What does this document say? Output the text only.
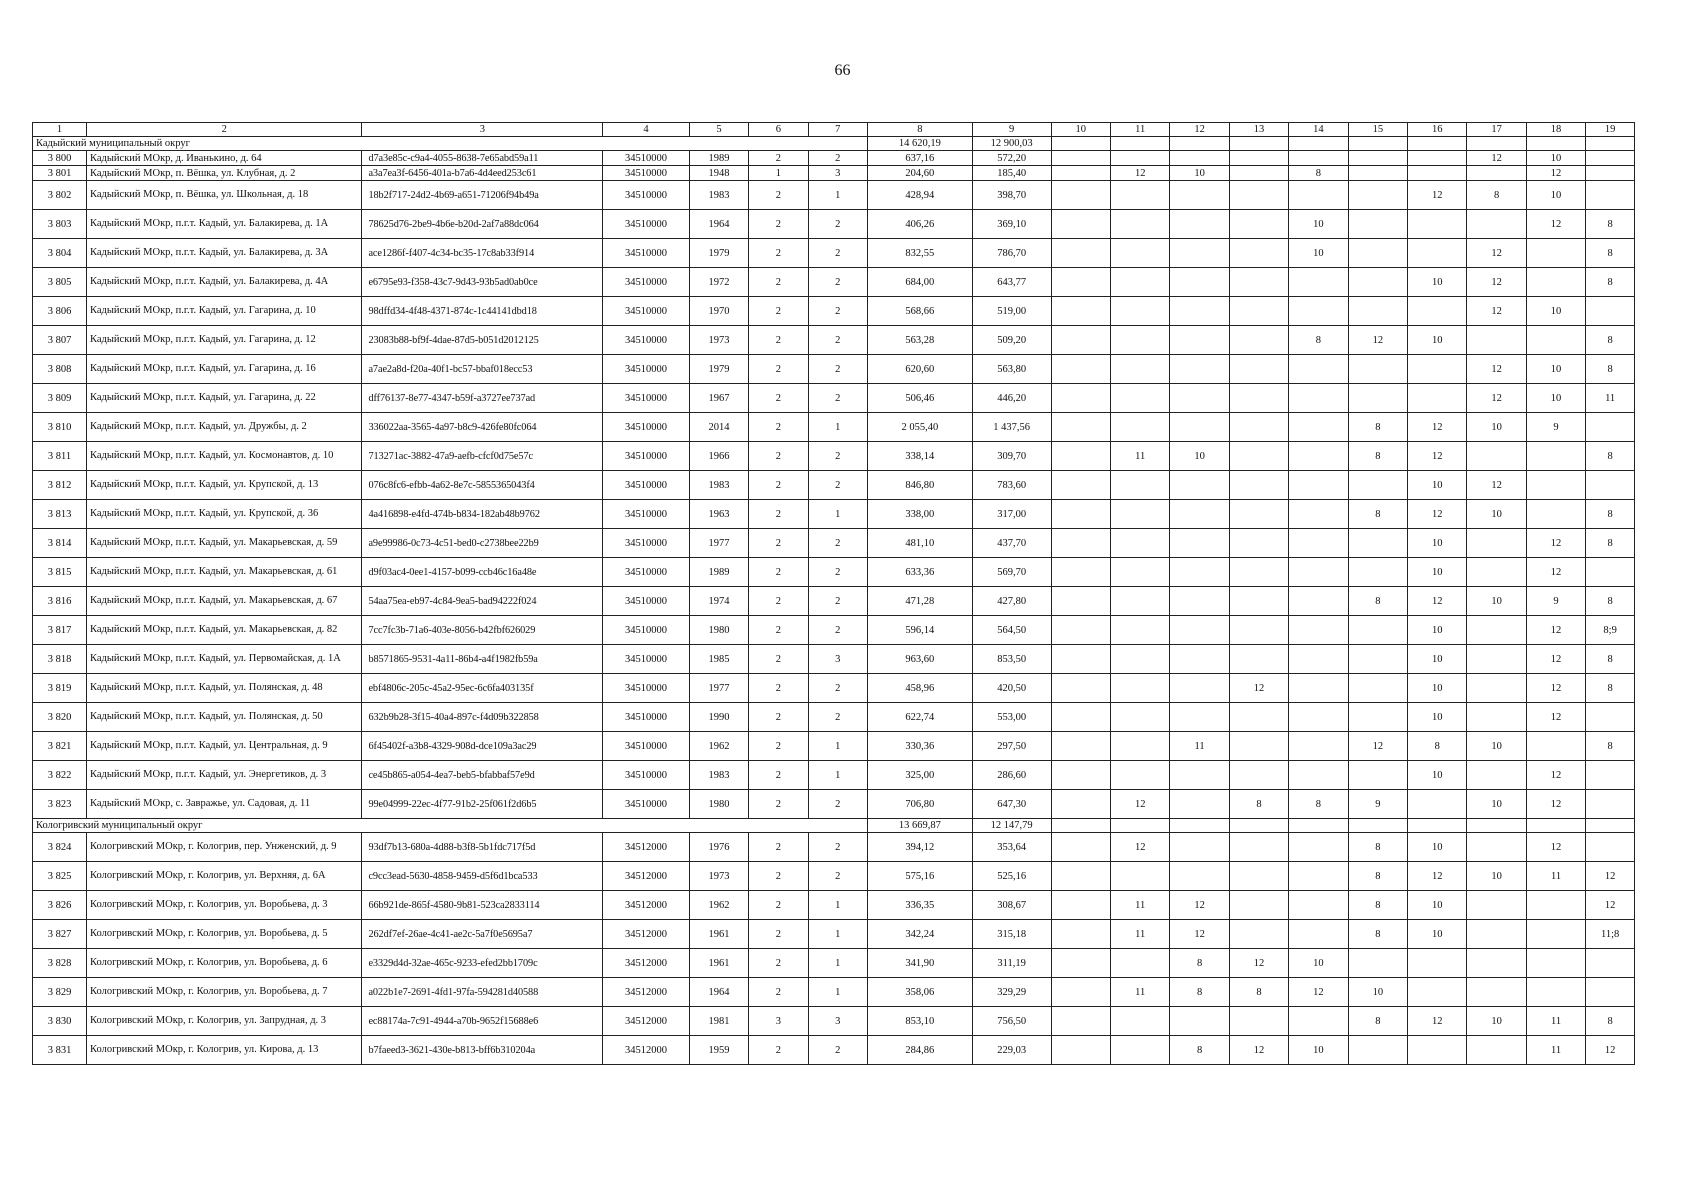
66
1	2	3	4	5	6	7	8	9	10	11	12	13	14	15	16	17	18	19
Кадыйский муниципальный округ							14 620,19	12 900,03										
3 800	Кадыйский МОкр, д. Иванькино, д. 64	d7a3e85c-c9a4-4055-8638-7e65abd59a11	34510000	1989	2	2	637,16	572,20								12	10	
3 801	Кадыйский МОкр, п. Вёшка, ул. Клубная, д. 2	a3a7ea3f-6456-401a-b7a6-4d4eed253c61	34510000	1948	1	3	204,60	185,40		12	10		8				12	
3 802	Кадыйский МОкр, п. Вёшка, ул. Школьная, д. 18	18b2f717-24d2-4b69-a651-71206f94b49a	34510000	1983	2	1	428,94	398,70							12	8	10	
3 803	Кадыйский МОкр, п.г.т. Кадый, ул. Балакирева, д. 1А	78625d76-2be9-4b6e-b20d-2af7a88dc064	34510000	1964	2	2	406,26	369,10					10				12	8
3 804	Кадыйский МОкр, п.г.т. Кадый, ул. Балакирева, д. 3А	ace1286f-f407-4c34-bc35-17c8ab33f914	34510000	1979	2	2	832,55	786,70					10			12		8
3 805	Кадыйский МОкр, п.г.т. Кадый, ул. Балакирева, д. 4А	e6795e93-f358-43c7-9d43-93b5ad0ab0ce	34510000	1972	2	2	684,00	643,77							10	12		8
3 806	Кадыйский МОкр, п.г.т. Кадый, ул. Гагарина, д. 10	98dffd34-4f48-4371-874c-1c44141dbd18	34510000	1970	2	2	568,66	519,00								12	10	
3 807	Кадыйский МОкр, п.г.т. Кадый, ул. Гагарина, д. 12	23083b88-bf9f-4dae-87d5-b051d2012125	34510000	1973	2	2	563,28	509,20					8	12	10			8
3 808	Кадыйский МОкр, п.г.т. Кадый, ул. Гагарина, д. 16	a7ae2a8d-f20a-40f1-bc57-bbaf018ecc53	34510000	1979	2	2	620,60	563,80								12	10	8
3 809	Кадыйский МОкр, п.г.т. Кадый, ул. Гагарина, д. 22	dff76137-8e77-4347-b59f-a3727ee737ad	34510000	1967	2	2	506,46	446,20								12	10	11
3 810	Кадыйский МОкр, п.г.т. Кадый, ул. Дружбы, д. 2	336022aa-3565-4a97-b8c9-426fe80fc064	34510000	2014	2	1	2 055,40	1 437,56						8	12	10	9	
3 811	Кадыйский МОкр, п.г.т. Кадый, ул. Космонавтов, д. 10	713271ac-3882-47a9-aefb-cfcf0d75e57c	34510000	1966	2	2	338,14	309,70		11	10			8	12			8
3 812	Кадыйский МОкр, п.г.т. Кадый, ул. Крупской, д. 13	076c8fc6-efbb-4a62-8e7c-5855365043f4	34510000	1983	2	2	846,80	783,60							10	12		
3 813	Кадыйский МОкр, п.г.т. Кадый, ул. Крупской, д. 36	4a416898-e4fd-474b-b834-182ab48b9762	34510000	1963	2	1	338,00	317,00						8	12	10		8
3 814	Кадыйский МОкр, п.г.т. Кадый, ул. Макарьевская, д. 59	a9e99986-0c73-4c51-bed0-c2738bee22b9	34510000	1977	2	2	481,10	437,70							10		12	8
3 815	Кадыйский МОкр, п.г.т. Кадый, ул. Макарьевская, д. 61	d9f03ac4-0ee1-4157-b099-ccb46c16a48e	34510000	1989	2	2	633,36	569,70							10		12	
3 816	Кадыйский МОкр, п.г.т. Кадый, ул. Макарьевская, д. 67	54aa75ea-eb97-4c84-9ea5-bad94222f024	34510000	1974	2	2	471,28	427,80						8	12	10	9	8
3 817	Кадыйский МОкр, п.г.т. Кадый, ул. Макарьевская, д. 82	7cc7fc3b-71a6-403e-8056-b42fbf626029	34510000	1980	2	2	596,14	564,50							10		12	8;9
3 818	Кадыйский МОкр, п.г.т. Кадый, ул. Первомайская, д. 1А	b8571865-9531-4a11-86b4-a4f1982fb59a	34510000	1985	2	3	963,60	853,50							10		12	8
3 819	Кадыйский МОкр, п.г.т. Кадый, ул. Полянская, д. 48	ebf4806c-205c-45a2-95ec-6c6fa403135f	34510000	1977	2	2	458,96	420,50				12			10		12	8
3 820	Кадыйский МОкр, п.г.т. Кадый, ул. Полянская, д. 50	632b9b28-3f15-40a4-897c-f4d09b322858	34510000	1990	2	2	622,74	553,00							10		12	
3 821	Кадыйский МОкр, п.г.т. Кадый, ул. Центральная, д. 9	6f45402f-a3b8-4329-908d-dce109a3ac29	34510000	1962	2	1	330,36	297,50			11			12	8	10		8
3 822	Кадыйский МОкр, п.г.т. Кадый, ул. Энергетиков, д. 3	ce45b865-a054-4ea7-beb5-bfabbaf57e9d	34510000	1983	2	1	325,00	286,60							10		12	
3 823	Кадыйский МОкр, с. Завражье, ул. Садовая, д. 11	99e04999-22ec-4f77-91b2-25f061f2d6b5	34510000	1980	2	2	706,80	647,30		12		8	8	9		10	12	
Кологривский муниципальный округ							13 669,87	12 147,79										
3 824	Кологривский МОкр, г. Кологрив, пер. Унженский, д. 9	93df7b13-680a-4d88-b3f8-5b1fdc717f5d	34512000	1976	2	2	394,12	353,64		12				8	10		12	
3 825	Кологривский МОкр, г. Кологрив, ул. Верхняя, д. 6А	c9cc3ead-5630-4858-9459-d5f6d1bca533	34512000	1973	2	2	575,16	525,16						8	12	10	11	12
3 826	Кологривский МОкр, г. Кологрив, ул. Воробьева, д. 3	66b921de-865f-4580-9b81-523ca2833114	34512000	1962	2	1	336,35	308,67		11	12			8	10			12
3 827	Кологривский МОкр, г. Кологрив, ул. Воробьева, д. 5	262df7ef-26ae-4c41-ae2c-5a7f0e5695a7	34512000	1961	2	1	342,24	315,18		11	12			8	10			11;8
3 828	Кологривский МОкр, г. Кологрив, ул. Воробьева, д. 6	e3329d4d-32ae-465c-9233-efed2bb1709c	34512000	1961	2	1	341,90	311,19			8	12	10					
3 829	Кологривский МОкр, г. Кологрив, ул. Воробьева, д. 7	a022b1e7-2691-4fd1-97fa-594281d40588	34512000	1964	2	1	358,06	329,29		11	8	8	12	10				
3 830	Кологривский МОкр, г. Кологрив, ул. Запрудная, д. 3	ec88174a-7c91-4944-a70b-9652f15688e6	34512000	1981	3	3	853,10	756,50						8	12	10	11	8
3 831	Кологривский МОкр, г. Кологрив, ул. Кирова, д. 13	b7faeed3-3621-430e-b813-bff6b310204a	34512000	1959	2	2	284,86	229,03			8	12	10				11	12
